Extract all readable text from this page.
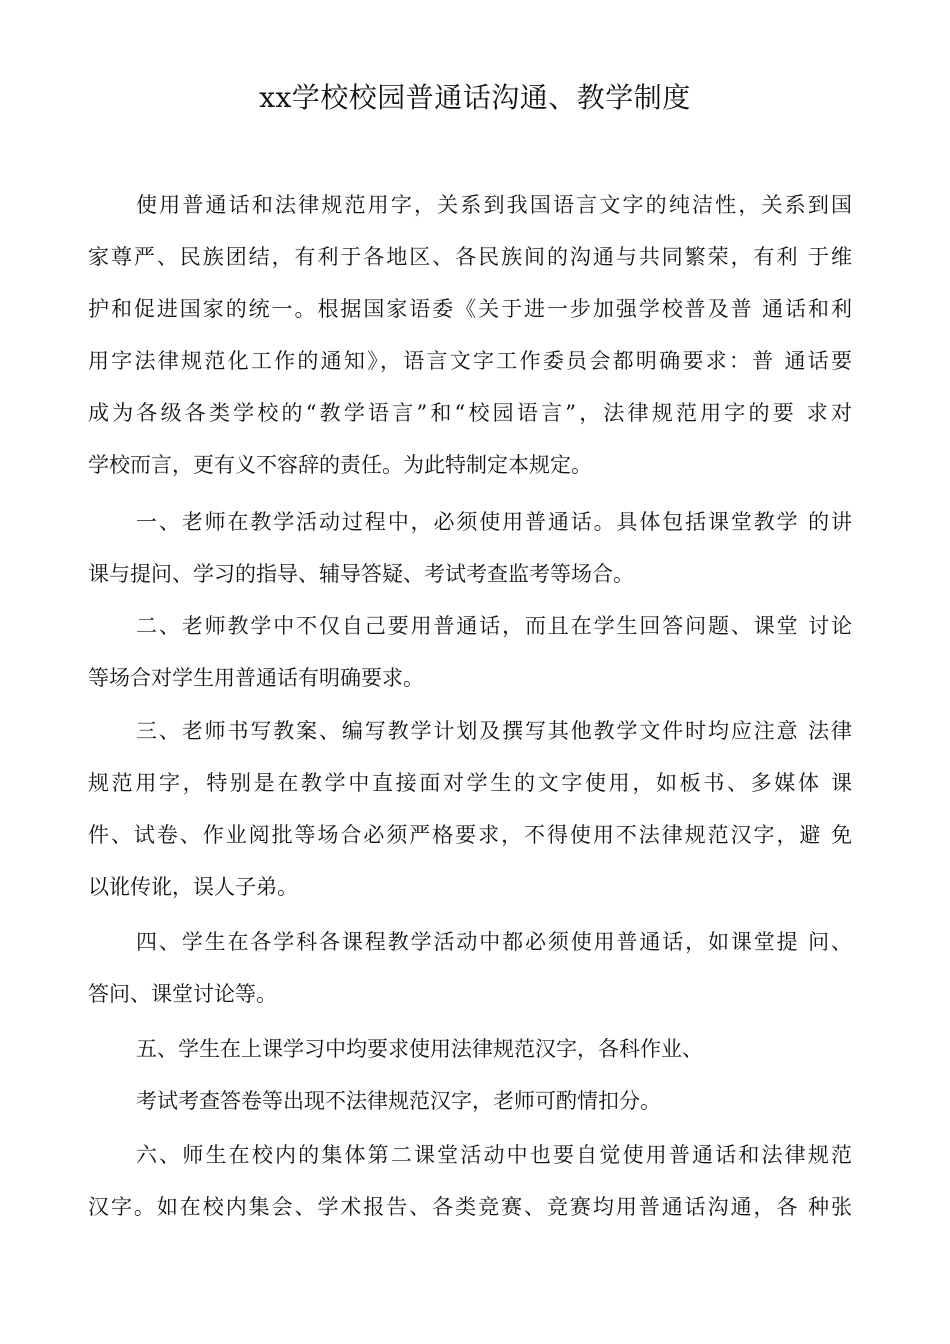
xx学校校园普通话沟通、教学制度
使用普通话和法律规范用字，关系到我国语言文字的纯洁性，关系到国
家尊严、民族团结，有利于各地区、各民族间的沟通与共同繁荣，有利 于维
护和促进国家的统一。根据国家语委《关于进一步加强学校普及普 通话和利
用字法律规范化工作的通知》，语言文字工作委员会都明确要求：普 通话要
成为各级各类学校的“教学语言”和“校园语言”，法律规范用字的要 求对
学校而言，更有义不容辞的责任。为此特制定本规定。
一、老师在教学活动过程中，必须使用普通话。具体包括课堂教学 的讲
课与提问、学习的指导、辅导答疑、考试考查监考等场合。
二、老师教学中不仅自己要用普通话，而且在学生回答问题、课堂 讨论
等场合对学生用普通话有明确要求。
三、老师书写教案、编写教学计划及撰写其他教学文件时均应注意 法律
规范用字，特别是在教学中直接面对学生的文字使用，如板书、多媒体 课
件、试卷、作业阅批等场合必须严格要求，不得使用不法律规范汉字，避 免
以讹传讹，误人子弟。
四、学生在各学科各课程教学活动中都必须使用普通话，如课堂提 问、
答问、课堂讨论等。
五、学生在上课学习中均要求使用法律规范汉字，各科作业、
考试考查答卷等出现不法律规范汉字，老师可酌情扣分。
六、师生在校内的集体第二课堂活动中也要自觉使用普通话和法律规范
汉字。如在校内集会、学术报告、各类竞赛、竞赛均用普通话沟通，各 种张
